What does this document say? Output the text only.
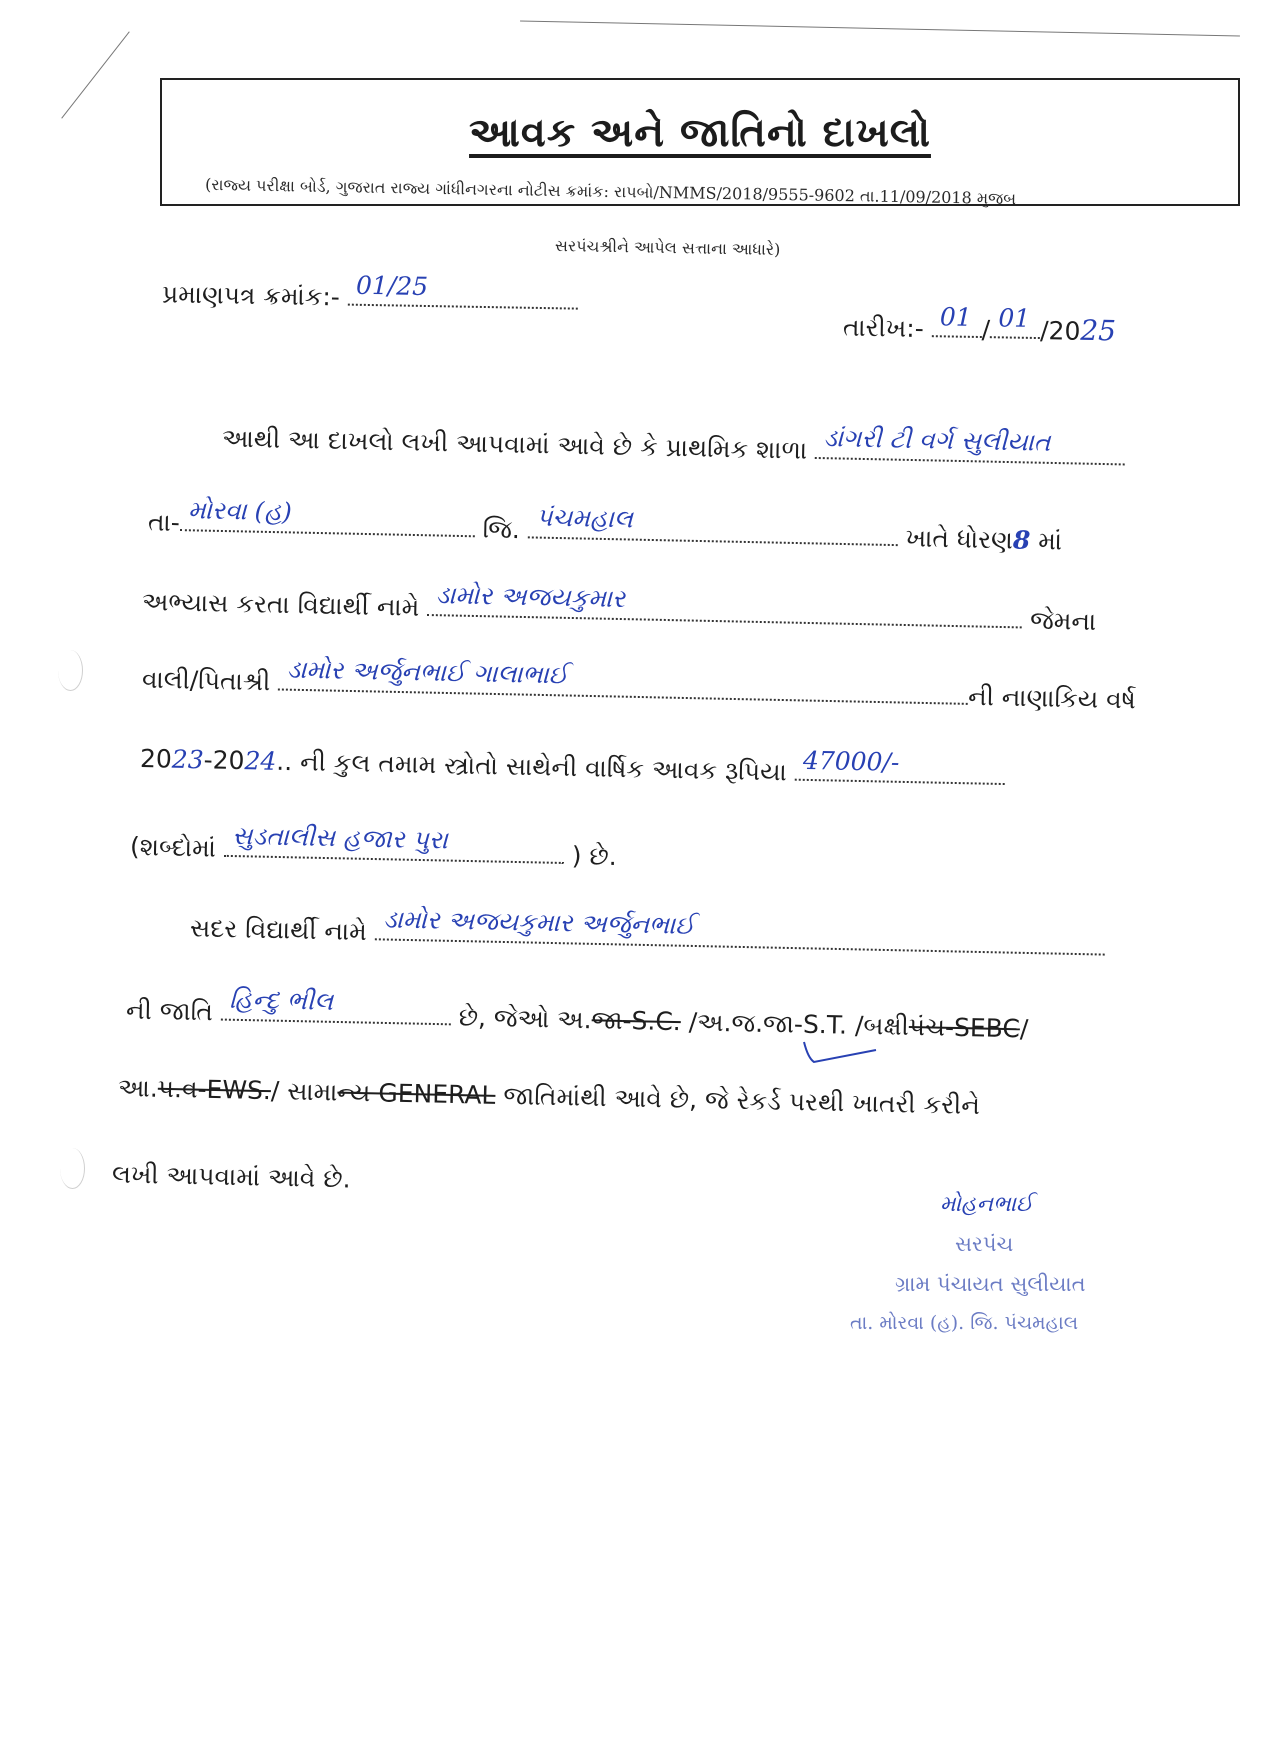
આવક અને જાતિનો દાખલો
(રાજ્ય પરીક્ષા બોર્ડ, ગુજરાત રાજ્ય ગાંધીનગરના નોટીસ ક્રમાંક: રાપબો/NMMS/2018/9555-9602 તા.11/09/2018 મુજબ
સરપંચશ્રીને આપેલ સત્તાના આધારે)
પ્રમાણપત્ર ક્રમાંક:- 01/25
તારીખ:- 01 / 01 /2025
આથી આ દાખલો લખી આપવામાં આવે છે કે પ્રાથમિક શાળા ડાંગરી ટી વર્ગ સુલીયાત
તા- મોરવા (હ)
જિ. પંચમહાલ
ખાતે ધોરણ8 માં
અભ્યાસ કરતા વિદ્યાર્થી નામે ડામોર અજયકુમાર
જેમના
વાલી/પિતાશ્રી ડામોર અર્જુનભાઈ ગાલાભાઈ
ની નાણાકિય વર્ષ
2023-2024.. ની કુલ તમામ સ્ત્રોતો સાથેની વાર્ષિક આવક રૂપિયા 47000/-
(શબ્દોમાં સુડતાલીસ હજાર પુરા
) છે.
સદર વિદ્યાર્થી નામે ડામોર અજયકુમાર અર્જુનભાઈ
ની જાતિ હિન્દુ ભીલ
છે, જેઓ અ.જા-S.C. /અ.જ.જા-S.T. /બક્ષીપંચ-SEBC/
આ.પ.વ-EWS./ સામાન્ય GENERAL જાતિમાંથી આવે છે, જે રેકર્ડ પરથી ખાતરી કરીને
લખી આપવામાં આવે છે.
મોહનભાઈ
સરપંચ
ગ્રામ પંચાયત સુલીયાત
તા. મોરવા (હ). જિ. પંચમહાલ
